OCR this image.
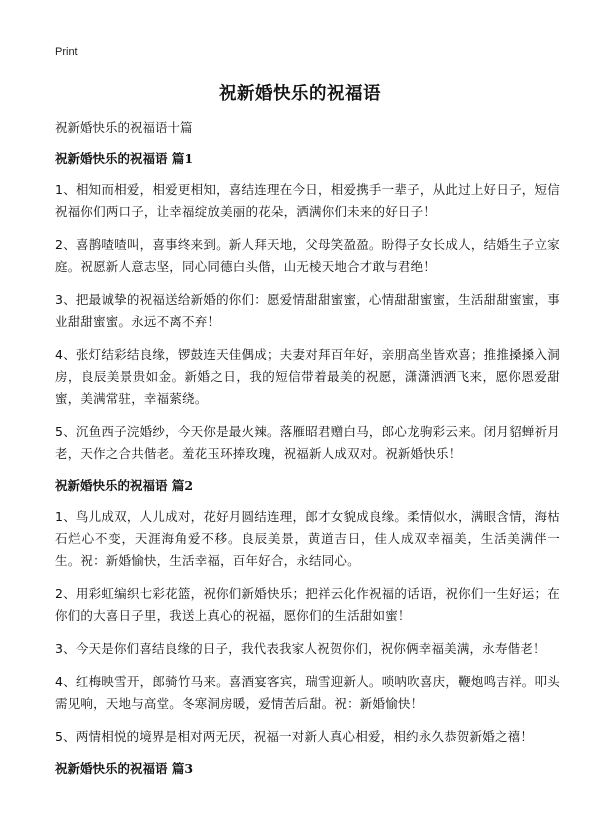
Print
祝新婚快乐的祝福语
祝新婚快乐的祝福语十篇
祝新婚快乐的祝福语 篇1
1、相知而相爱，相爱更相知，喜结连理在今日，相爱携手一辈子，从此过上好日子，短信祝福你们两口子，让幸福绽放美丽的花朵，洒满你们未来的好日子！
2、喜鹊喳喳叫，喜事终来到。新人拜天地，父母笑盈盈。盼得子女长成人，结婚生子立家庭。祝愿新人意志坚，同心同德白头偕，山无棱天地合才敢与君绝！
3、把最诚挚的祝福送给新婚的你们：愿爱情甜甜蜜蜜，心情甜甜蜜蜜，生活甜甜蜜蜜，事业甜甜蜜蜜。永远不离不弃！
4、张灯结彩结良缘，锣鼓连天佳偶成；夫妻对拜百年好，亲朋高坐皆欢喜；推推搡搡入洞房，良辰美景贵如金。新婚之日，我的短信带着最美的祝愿，潇潇洒洒飞来，愿你恩爱甜蜜，美满常驻，幸福萦绕。
5、沉鱼西子浣婚纱，今天你是最火辣。落雁昭君赠白马，郎心龙驹彩云来。闭月貂蝉祈月老，天作之合共偕老。羞花玉环捧玫瑰，祝福新人成双对。祝新婚快乐！
祝新婚快乐的祝福语 篇2
1、鸟儿成双，人儿成对，花好月圆结连理，郎才女貌成良缘。柔情似水，满眼含情，海枯石烂心不变，天涯海角爱不移。良辰美景，黄道吉日，佳人成双幸福美，生活美满伴一生。祝：新婚愉快，生活幸福，百年好合，永结同心。
2、用彩虹编织七彩花篮，祝你们新婚快乐；把祥云化作祝福的话语，祝你们一生好运；在你们的大喜日子里，我送上真心的祝福，愿你们的生活甜如蜜！
3、今天是你们喜结良缘的日子，我代表我家人祝贺你们，祝你俩幸福美满，永寿偕老！
4、红梅映雪开，郎骑竹马来。喜酒宴客宾，瑞雪迎新人。唢呐吹喜庆，鞭炮鸣吉祥。叩头需见响，天地与高堂。冬寒洞房暖，爱情苦后甜。祝：新婚愉快！
5、两情相悦的境界是相对两无厌，祝福一对新人真心相爱，相约永久恭贺新婚之禧！
祝新婚快乐的祝福语 篇3
